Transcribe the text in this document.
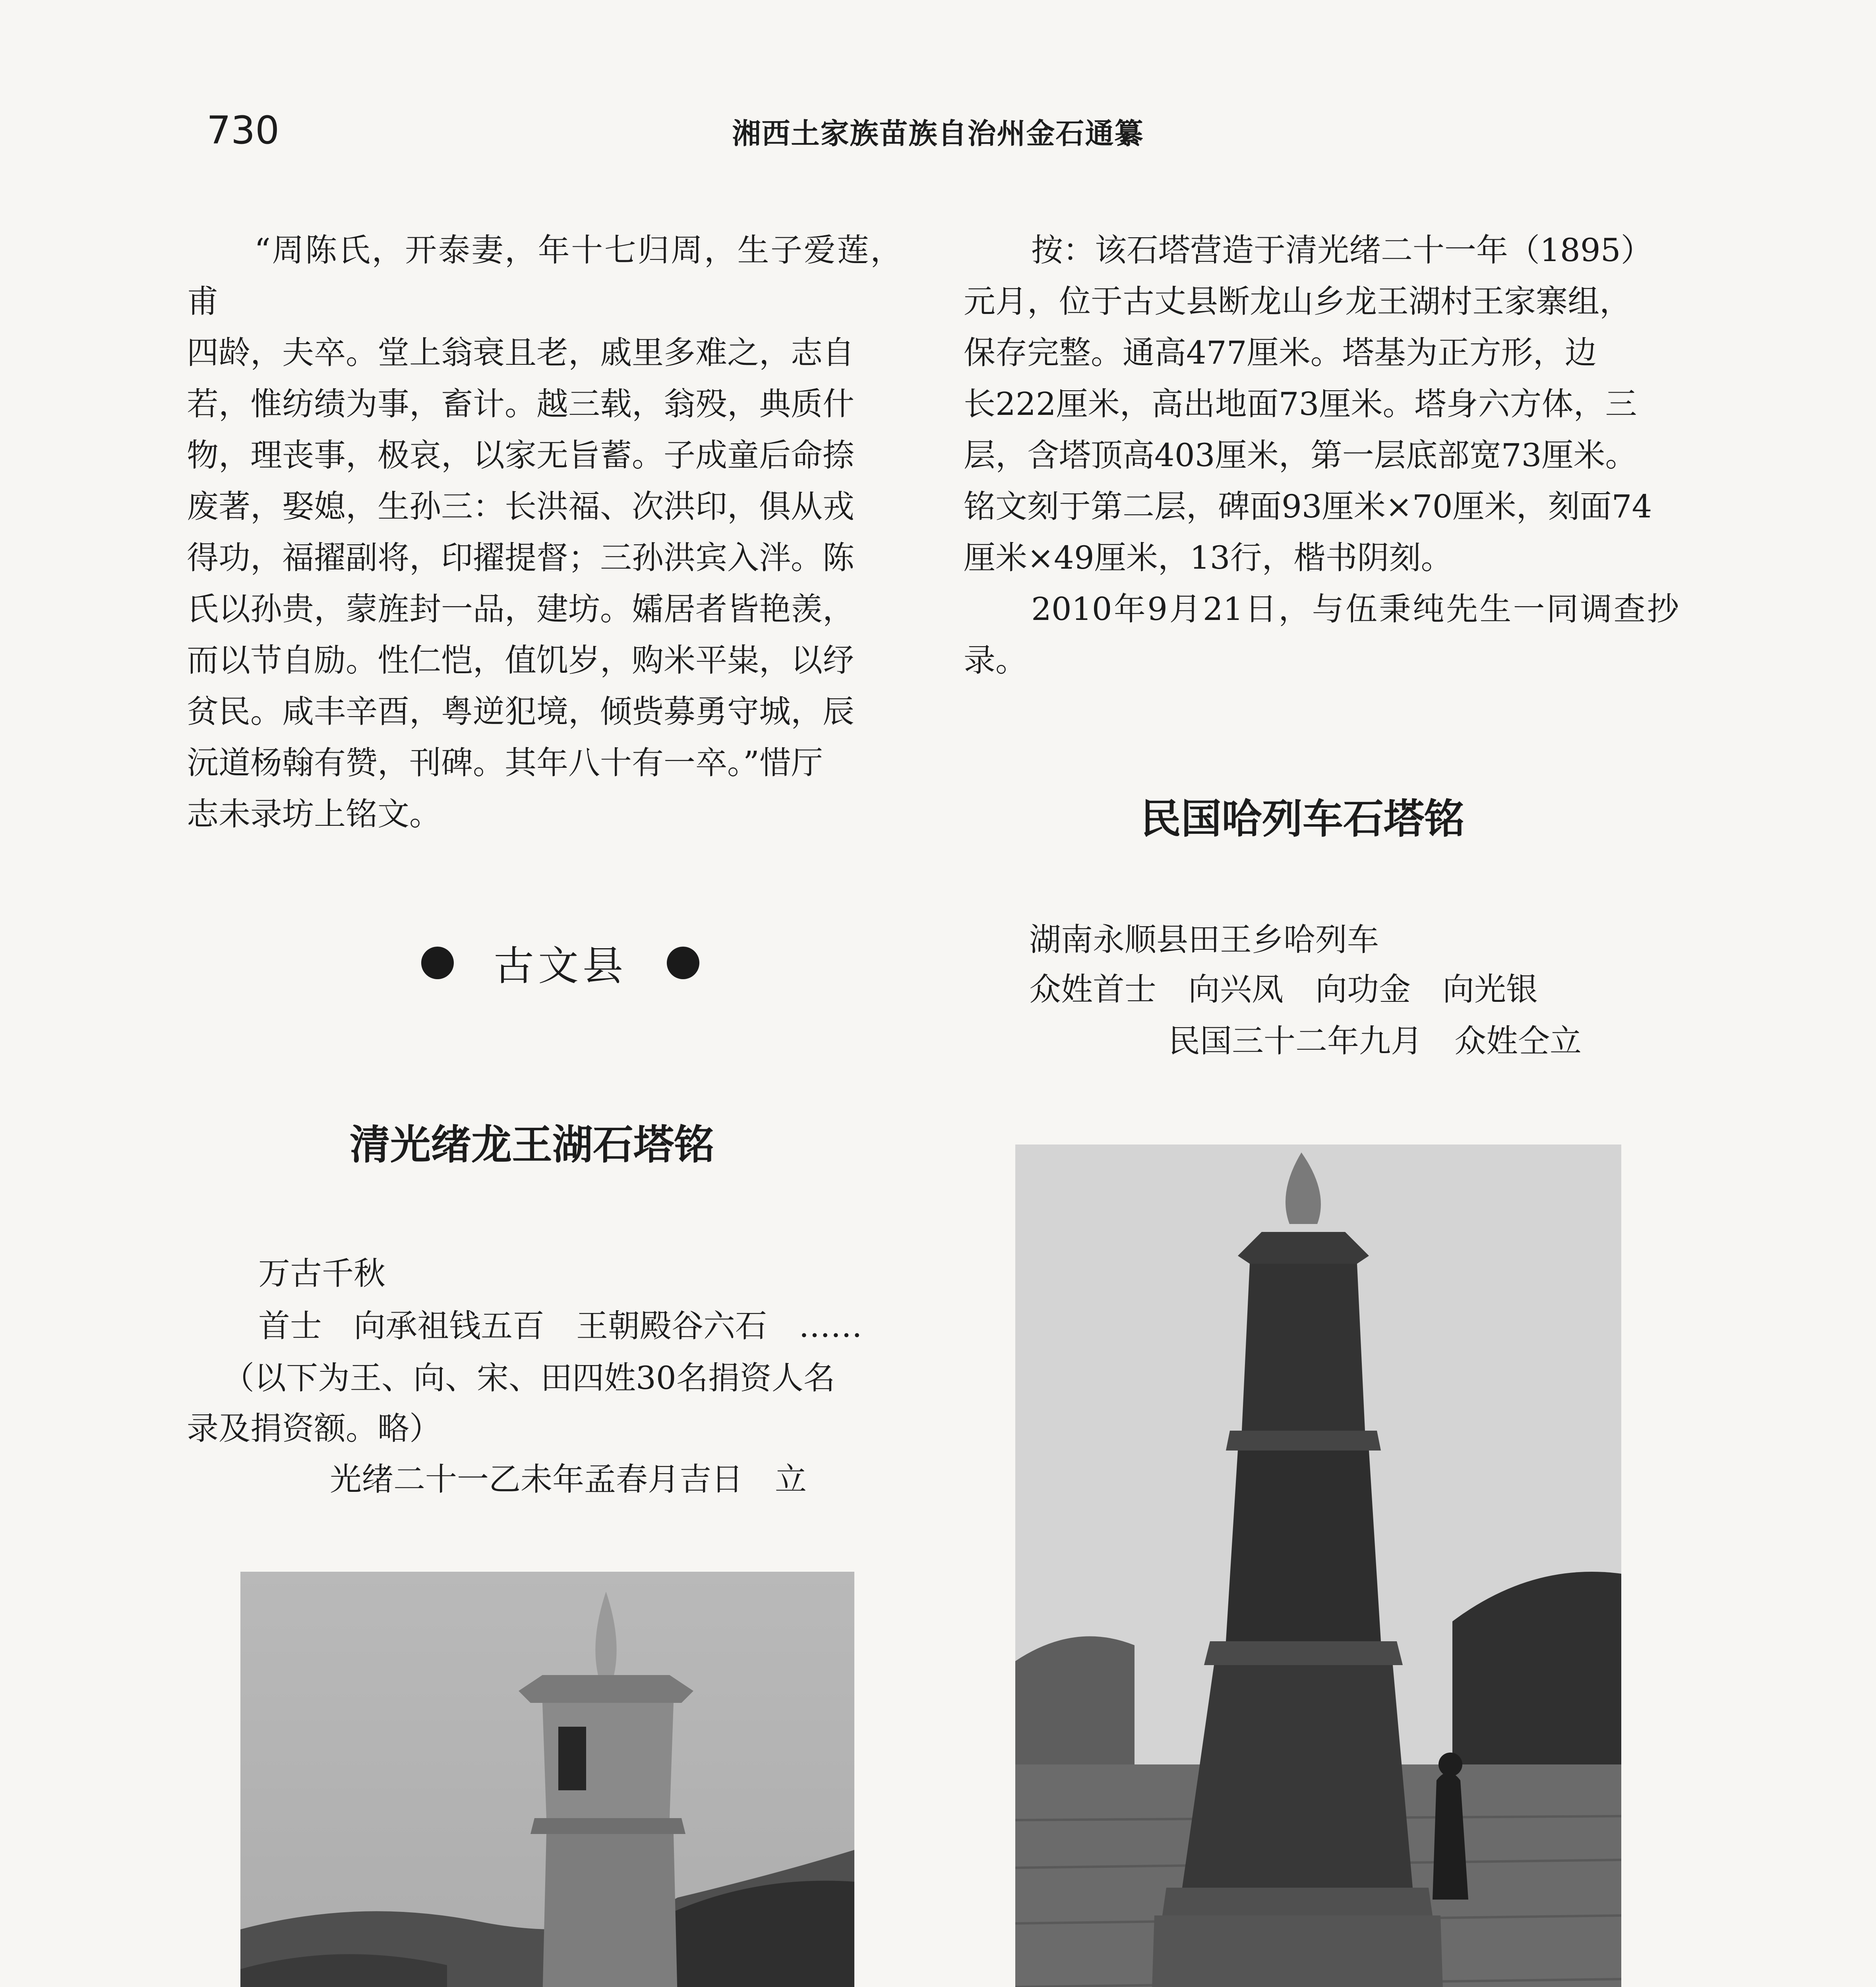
730	湘西土家族苗族自治州金石通纂

“周陈氏，开泰妻，年十七归周，生子爱莲，甫

四龄，夫卒。堂上翁衰且老，戚里多难之，志自

若，惟纺绩为事，畜计。越三载，翁殁，典质什

物，理丧事，极哀，以家无旨蓄。子成童后命捺

废著，娶媳，生孙三：长洪福、次洪印，俱从戎

得功，福擢副将，印擢提督；三孙洪宾入泮。陈

氏以孙贵，蒙旌封一品，建坊。孀居者皆艳羡，

而以节自励。性仁恺，值饥岁，购米平粜，以纾

贫民。咸丰辛酉，粤逆犯境，倾赀募勇守城，辰

沅道杨翰有赞，刊碑。其年八十有一卒。”惜厅

志未录坊上铭文。

古文县
清光绪龙王湖石塔铭
万古千秋
首士　向承祖钱五百　王朝殿谷六石　……
（以下为王、向、宋、田四姓30名捐资人名
录及捐资额。略）
光绪二十一乙未年孟春月吉日　立

按：该石塔营造于清光绪二十一年（1895）

元月，位于古丈县断龙山乡龙王湖村王家寨组，

保存完整。通高477厘米。塔基为正方形，边

长222厘米，高出地面73厘米。塔身六方体，三

层，含塔顶高403厘米，第一层底部宽73厘米。

铭文刻于第二层，碑面93厘米×70厘米，刻面74

厘米×49厘米，13行，楷书阴刻。

2010年9月21日，与伍秉纯先生一同调查抄录。

民国哈列车石塔铭
湖南永顺县田王乡哈列车
众姓首士　向兴凤　向功金　向光银
民国三十二年九月　众姓仝立
